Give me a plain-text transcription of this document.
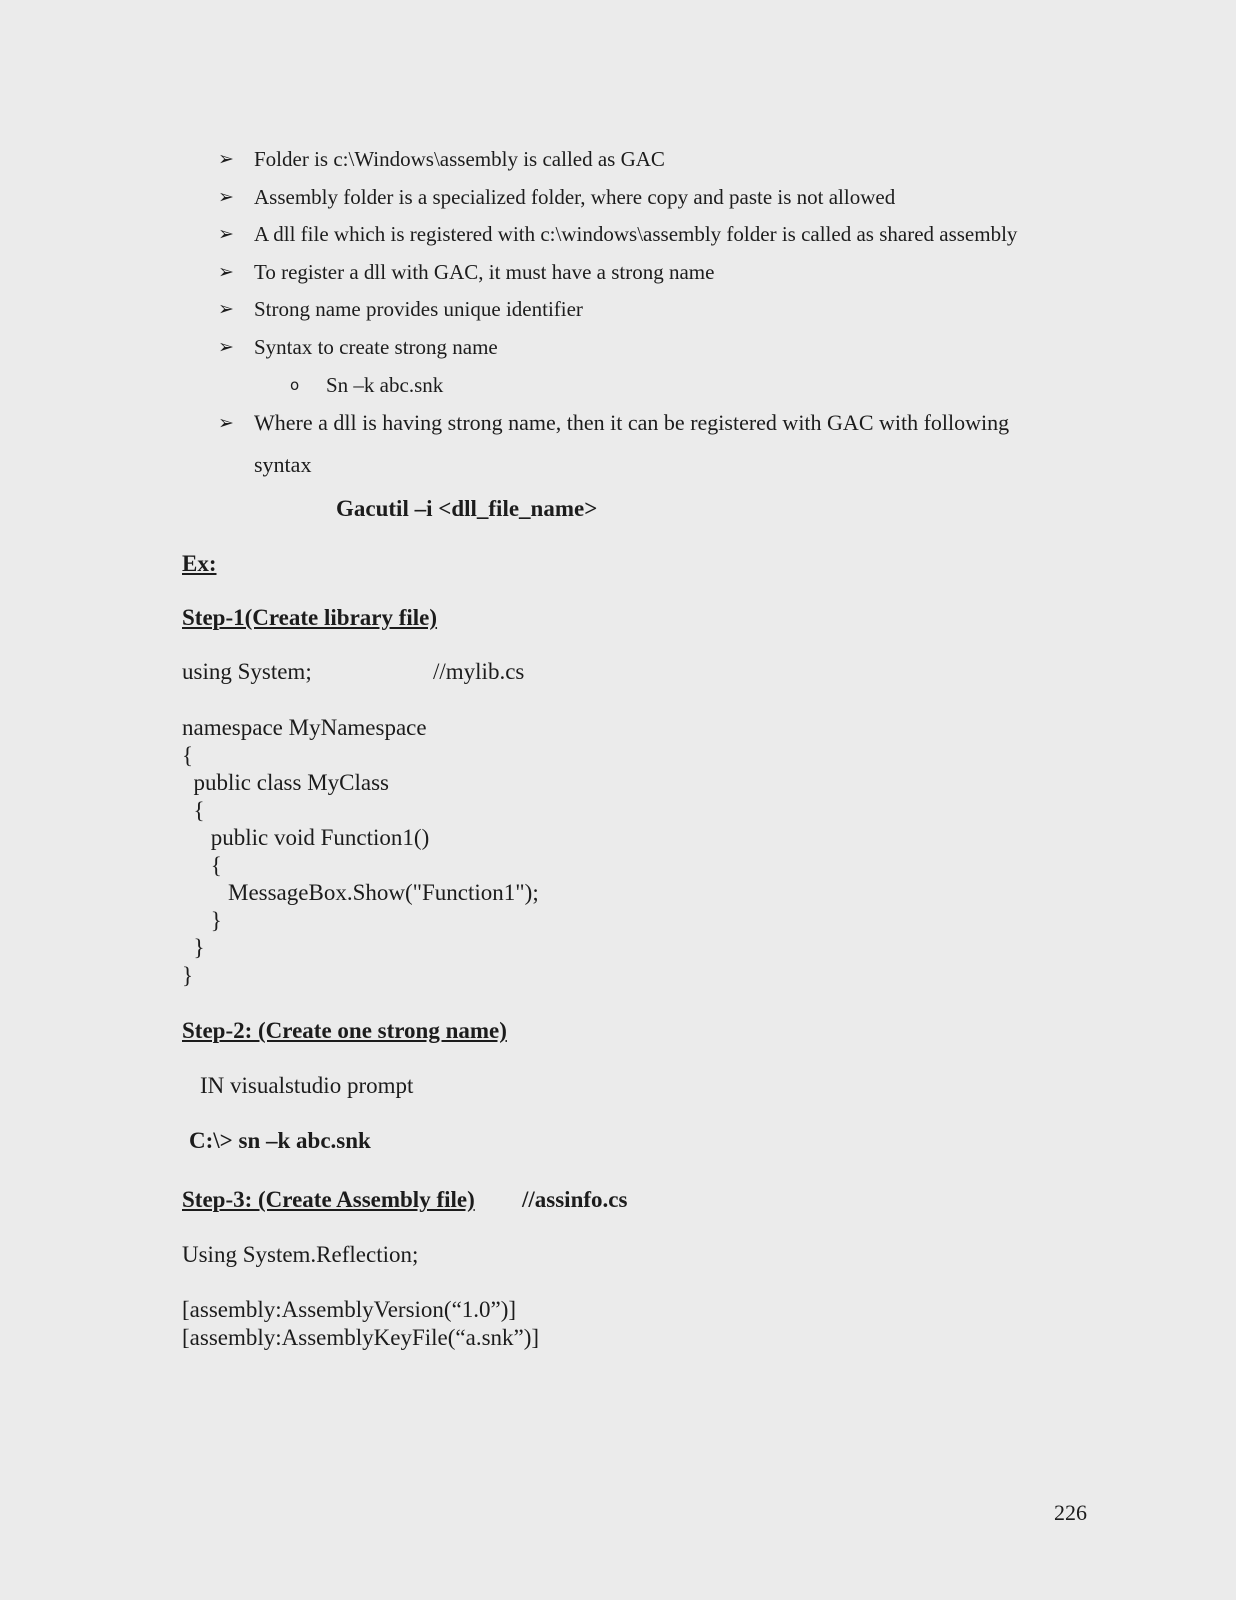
➢ Folder is c:\Windows\assembly is called as GAC
➢ Assembly folder is a specialized folder, where copy and paste is not allowed
➢ A dll file which is registered with c:\windows\assembly folder is called as shared assembly
➢ To register a dll with GAC, it must have a strong name
➢ Strong name provides unique identifier
➢ Syntax to create strong name
o Sn –k abc.snk
➢ Where a dll is having strong name, then it can be registered with GAC with following
syntax
Gacutil –i <dll_file_name>
Ex:
Step-1(Create library file)
using System;	//mylib.cs
namespace MyNamespace
{
public class MyClass
{
public void Function1()
{
MessageBox.Show("Function1");
}
}
}
Step-2: (Create one strong name)
IN visualstudio prompt
C:\> sn –k abc.snk
Step-3: (Create Assembly file) //assinfo.cs
Using System.Reflection;
[assembly:AssemblyVersion(“1.0”)]
[assembly:AssemblyKeyFile(“a.snk”)]
226
